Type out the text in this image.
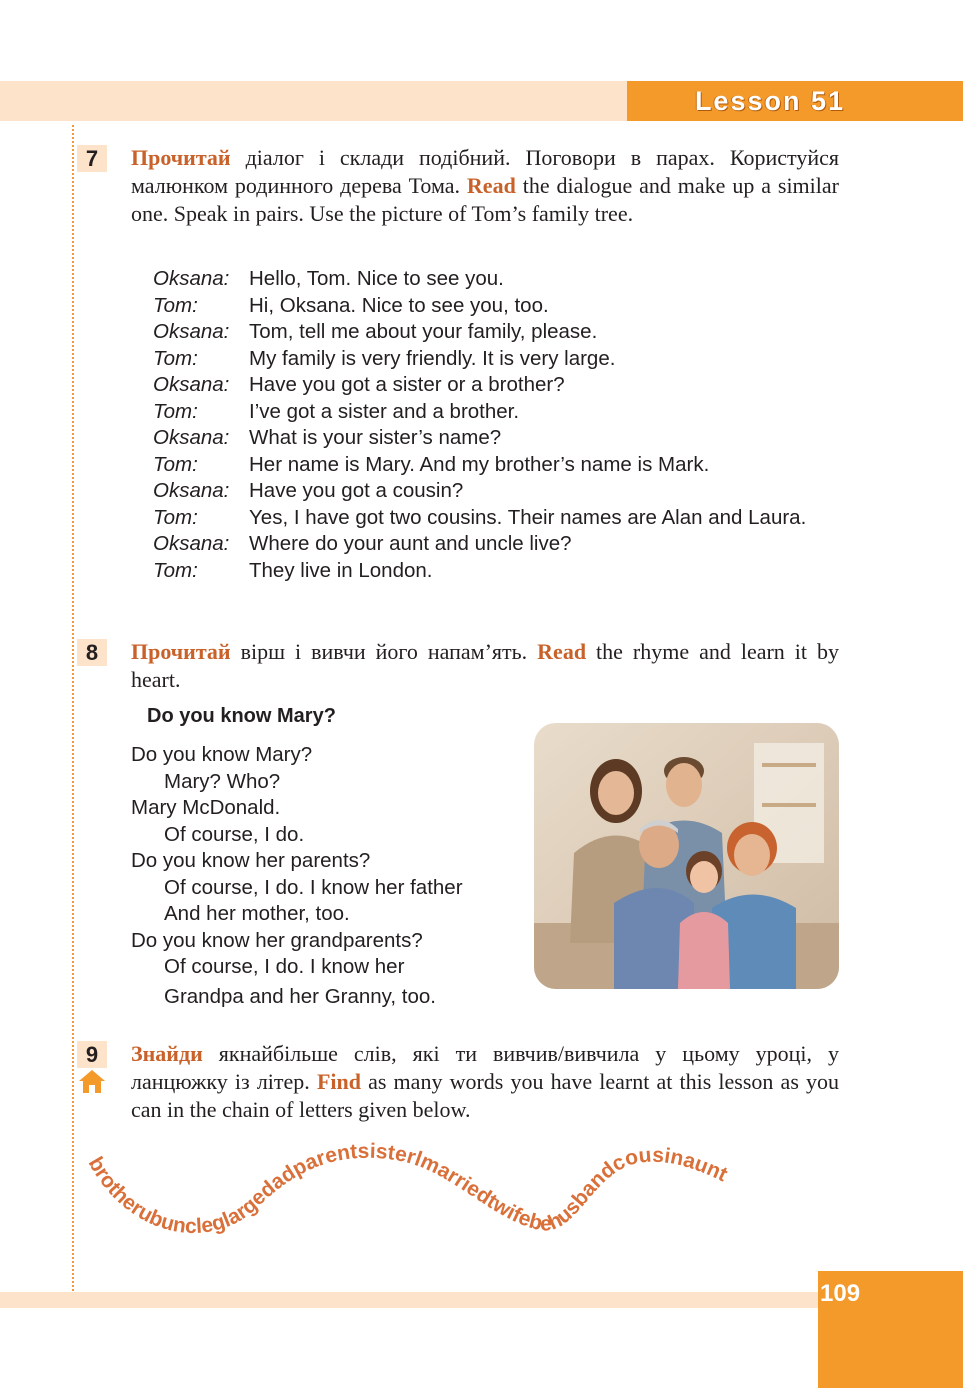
Lesson 51
7	Прочитай діалог і склади подібний. Поговори в парах. Користуйся малюнком родинного дерева Тома. Read the dialogue and make up a similar one. Speak in pairs. Use the picture of Tom’s family tree.
Oksana: Hello, Tom. Nice to see you.
Tom:	Hi, Oksana. Nice to see you, too.
Oksana: Tom, tell me about your family, please.
Tom:	My family is very friendly. It is very large.
Oksana: Have you got a sister or a brother?
Tom:	I’ve got a sister and a brother.
Oksana: What is your sister’s name?
Tom:	Her name is Mary. And my brother’s name is Mark.
Oksana: Have you got a cousin?
Tom:	Yes, I have got two cousins. Their names are Alan and Laura.
Oksana: Where do your aunt and uncle live?
Tom:	They live in London.
8	Прочитай вірш і вивчи його напам’ять. Read the rhyme and learn it by heart.
Do you know Mary?
Do you know Mary?
Mary? Who?
Mary McDonald.
Of course, I do.
Do you know her parents?
Of course, I do. I know her father
And her mother, too.
Do you know her grandparents?
Of course, I do. I know her
Grandpa and her Granny, too.
9	Знайди якнайбільше слів, які ти вивчив/вивчила у цьому уроці, у ланцюжку із літер. Find as many words you have learnt at this lesson as you can in the chain of letters given below.
brotherubuncleglargedadparentsisterlmarriedtwifebehusbandcousinaunt
109
